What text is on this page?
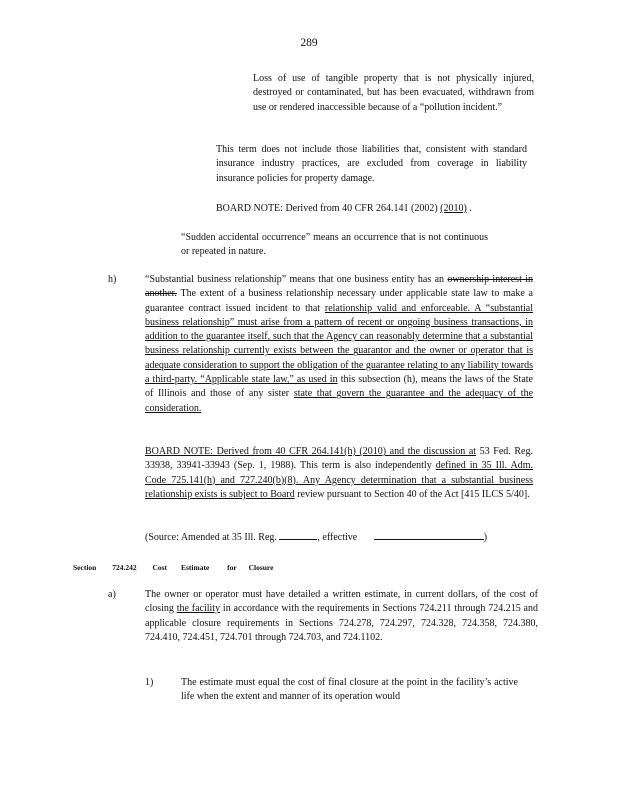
289

Loss of use of tangible property that is not physically injured, destroyed or contaminated, but has been evacuated, withdrawn from use or rendered inaccessible because of a “pollution incident.”

This term does not include those liabilities that, consistent with standard insurance industry practices, are excluded from coverage in liability insurance policies for property damage.

BOARD NOTE: Derived from 40 CFR 264.141 (2002) (2010) .

“Sudden accidental occurrence” means an occurrence that is not continuous or repeated in nature.

h)	“Substantial business relationship” means that one business entity has an ownership interest in another. The extent of a business relationship necessary under applicable state law to make a guarantee contract issued incident to that relationship valid and enforceable. A “substantial business relationship” must arise from a pattern of recent or ongoing business transactions, in addition to the guarantee itself, such that the Agency can reasonably determine that a substantial business relationship currently exists between the guarantor and the owner or operator that is adequate consideration to support the obligation of the guarantee relating to any liability towards a third-party. “Applicable state law,” as used in this subsection (h), means the laws of the State of Illinois and those of any sister state that govern the guarantee and the adequacy of the consideration.
BOARD NOTE: Derived from 40 CFR 264.141(h) (2010) and the discussion at 53 Fed. Reg. 33938, 33941-33943 (Sep. 1, 1988). This term is also independently defined in 35 Ill. Adm. Code 725.141(h) and 727.240(b)(8). Any Agency determination that a substantial business relationship exists is subject to Board review pursuant to Section 40 of the Act [415 ILCS 5/40].
(Source: Amended at 35 Ill. Reg.	, effective	)
Section 724.242 Cost Estimate for Closure
a)	The owner or operator must have detailed a written estimate, in current dollars, of the cost of closing the facility in accordance with the requirements in Sections 724.211 through 724.215 and applicable closure requirements in Sections 724.278, 724.297, 724.328, 724.358, 724.380, 724.410, 724.451, 724.701 through 724.703, and 724.1102.
1)	The estimate must equal the cost of final closure at the point in the facility’s active life when the extent and manner of its operation would
